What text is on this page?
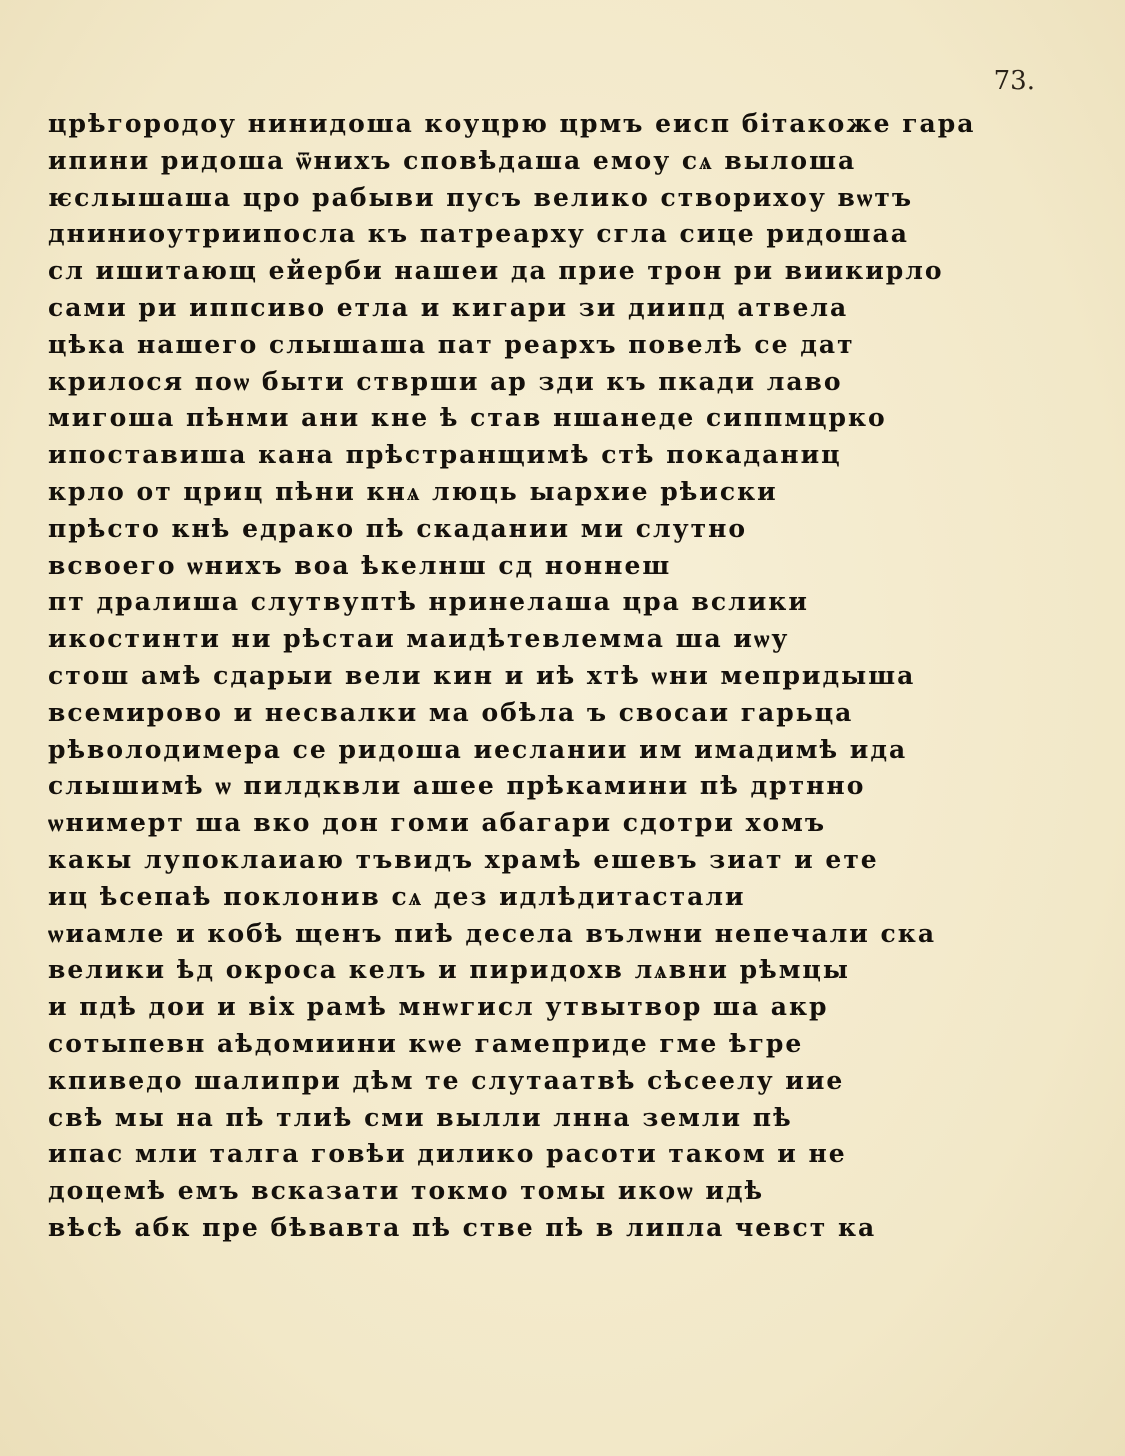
73.
црѣгородоу нинидоша коуцрю црмъ еисп бітакоже гара
ипини ридоша ѿнихъ сповѣдаша емоу сѧ вылоша
ѥслышаша цро рабыви пусъ велико створихоу вѡтъ
дниниоутриипосла къ патреарху сгла сице ридошаа
сл ишитающ ейерби нашеи да прие трон ри виикирло
сами ри иппсиво етла и кигари зи диипд атвела
цѣка нашего слышаша пат реархъ повелѣ се дат
крилося поѡ быти стврши ар зди къ пкади лаво
мигоша пѣнми ани кне ѣ став ншанеде сиппмцрко
ипоставиша кана прѣстранщимѣ стѣ покаданиц
крло от цриц пѣни кнѧ люць ыархие рѣиски
прѣсто кнѣ едрако пѣ скадании ми слутно
всвоего ѡнихъ воа ѣкелнш сд ноннеш
пт дралиша слутвуптѣ нринелаша цра вслики
икостинти ни рѣстаи маидѣтевлемма ша иѡу
стош амѣ сдарыи вели кин и иѣ хтѣ ѡни мепридыша
всемирово и несвалки ма обѣла ъ свосаи гарьца
рѣволодимера се ридоша иеслании им имадимѣ ида
слышимѣ ѡ пилдквли ашее прѣкамини пѣ дртнно
ѡнимерт ша вко дон гоми абагари сдотри хомъ
какы лупоклаиаю тъвидъ храмѣ ешевъ зиат и ете
иц ѣсепаѣ поклонив сѧ дез идлѣдитастали
ѡиамле и кобѣ щенъ пиѣ десела вълѡни непечали ска
велики ѣд окроса келъ и пиридохв лѧвни рѣмцы
и пдѣ дои и віх рамѣ мнѡгисл утвытвор ша акр
сотыпевн аѣдомиини кѡе гамеприде гме ѣгре
кпиведо шалипри дѣм те слутаатвѣ сѣсеелу иие
свѣ мы на пѣ тлиѣ сми вылли лнна земли пѣ
ипас мли талга говѣи дилико расоти таком и не
доцемѣ емъ всказати токмо томы икоѡ идѣ
вѣсѣ абк пре бѣвавта пѣ стве пѣ в липла чевст ка
